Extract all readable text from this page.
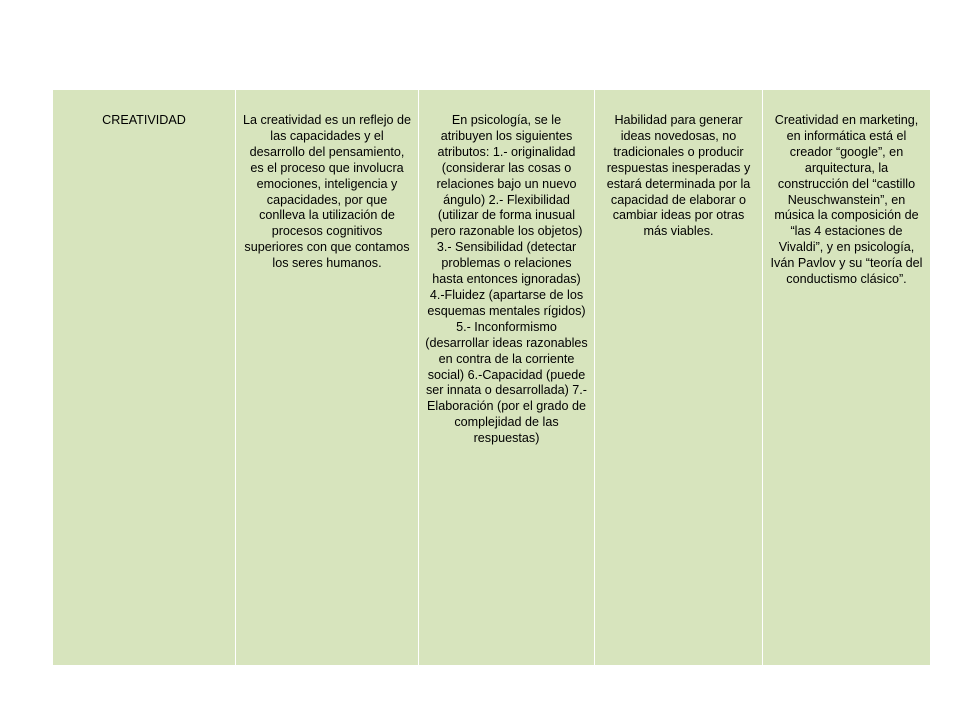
CREATIVIDAD	La creatividad es un reflejo de las capacidades y el desarrollo del pensamiento, es el proceso que involucra emociones, inteligencia y capacidades, por que conlleva la utilización de procesos cognitivos superiores con que contamos los seres humanos.
En psicología, se le atribuyen los siguientes atributos: 1.- originalidad (considerar las cosas o relaciones bajo un nuevo ángulo) 2.- Flexibilidad (utilizar de forma inusual pero razonable los objetos) 3.- Sensibilidad (detectar problemas o relaciones hasta entonces ignoradas) 4.-Fluidez (apartarse de los esquemas mentales rígidos) 5.- Inconformismo (desarrollar ideas razonables en contra de la corriente social) 6.-Capacidad (puede ser innata o desarrollada) 7.- Elaboración (por el grado de complejidad de las respuestas)
Habilidad para generar ideas novedosas, no tradicionales o producir respuestas inesperadas y estará determinada por la capacidad de elaborar o cambiar ideas por otras más viables.
Creatividad en marketing, en informática está el creador “google”, en arquitectura, la construcción del “castillo Neuschwanstein”, en música la composición de “las 4 estaciones de Vivaldi”, y en psicología, Iván Pavlov y su “teoría del conductismo clásico”.
